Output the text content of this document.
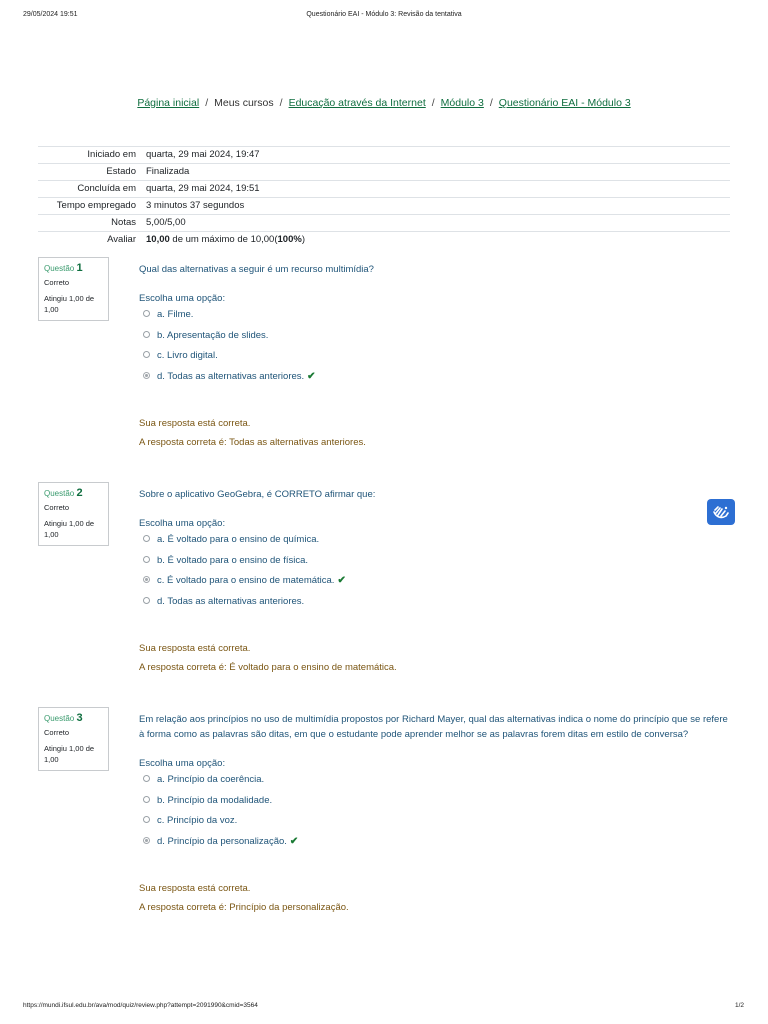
29/05/2024 19:51	Questionário EAI - Módulo 3: Revisão da tentativa
Página inicial / Meus cursos / Educação através da Internet / Módulo 3 / Questionário EAI - Módulo 3
Iniciado em	quarta, 29 mai 2024, 19:47
Estado	Finalizada
Concluída em	quarta, 29 mai 2024, 19:51
Tempo empregado	3 minutos 37 segundos
Notas	5,00/5,00
Avaliar	10,00 de um máximo de 10,00(100%)
Questão 1
Correto
Atingiu 1,00 de 1,00
Qual das alternativas a seguir é um recurso multimídia?
Escolha uma opção:
a. Filme.
b. Apresentação de slides.
c. Livro digital.
d. Todas as alternativas anteriores. ✔
Sua resposta está correta.
A resposta correta é: Todas as alternativas anteriores.
Questão 2
Correto
Atingiu 1,00 de 1,00
Sobre o aplicativo GeoGebra, é CORRETO afirmar que:
Escolha uma opção:
a. É voltado para o ensino de química.
b. É voltado para o ensino de física.
c. É voltado para o ensino de matemática. ✔
d. Todas as alternativas anteriores.
Sua resposta está correta.
A resposta correta é: É voltado para o ensino de matemática.
Questão 3
Correto
Atingiu 1,00 de 1,00
Em relação aos princípios no uso de multimídia propostos por Richard Mayer, qual das alternativas indica o nome do princípio que se refere à forma como as palavras são ditas, em que o estudante pode aprender melhor se as palavras forem ditas em estilo de conversa?
Escolha uma opção:
a. Princípio da coerência.
b. Princípio da modalidade.
c. Princípio da voz.
d. Princípio da personalização. ✔
Sua resposta está correta.
A resposta correta é: Princípio da personalização.
https://mundi.ifsul.edu.br/ava/mod/quiz/review.php?attempt=2091990&cmid=3564	1/2
